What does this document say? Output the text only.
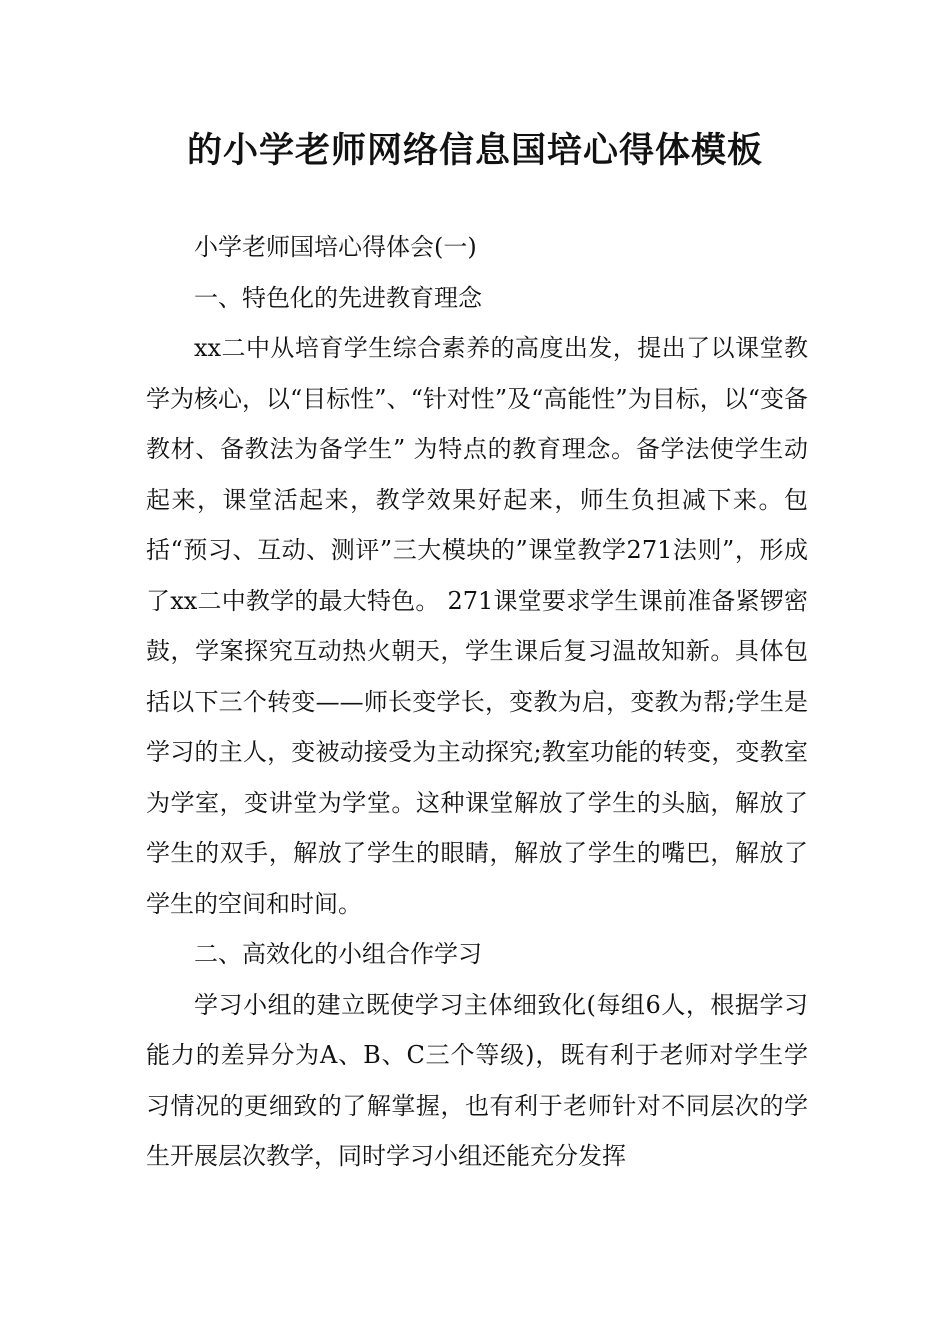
的小学老师网络信息国培心得体模板

小学老师国培心得体会(一)

一、特色化的先进教育理念

xx二中从培育学生综合素养的高度出发，提出了以课堂教学为核心，以“目标性”、“针对性”及“高能性”为目标，以“变备教材、备教法为备学生” 为特点的教育理念。备学法使学生动起来，课堂活起来，教学效果好起来，师生负担减下来。包括“预习、互动、测评”三大模块的”课堂教学271法则”，形成了xx二中教学的最大特色。 271课堂要求学生课前准备紧锣密鼓，学案探究互动热火朝天，学生课后复习温故知新。具体包括以下三个转变——师长变学长，变教为启，变教为帮;学生是学习的主人，变被动接受为主动探究;教室功能的转变，变教室为学室，变讲堂为学堂。这种课堂解放了学生的头脑，解放了学生的双手，解放了学生的眼睛，解放了学生的嘴巴，解放了学生的空间和时间。

二、高效化的小组合作学习

学习小组的建立既使学习主体细致化(每组6人，根据学习能力的差异分为A、B、C三个等级)，既有利于老师对学生学习情况的更细致的了解掌握，也有利于老师针对不同层次的学生开展层次教学，同时学习小组还能充分发挥
